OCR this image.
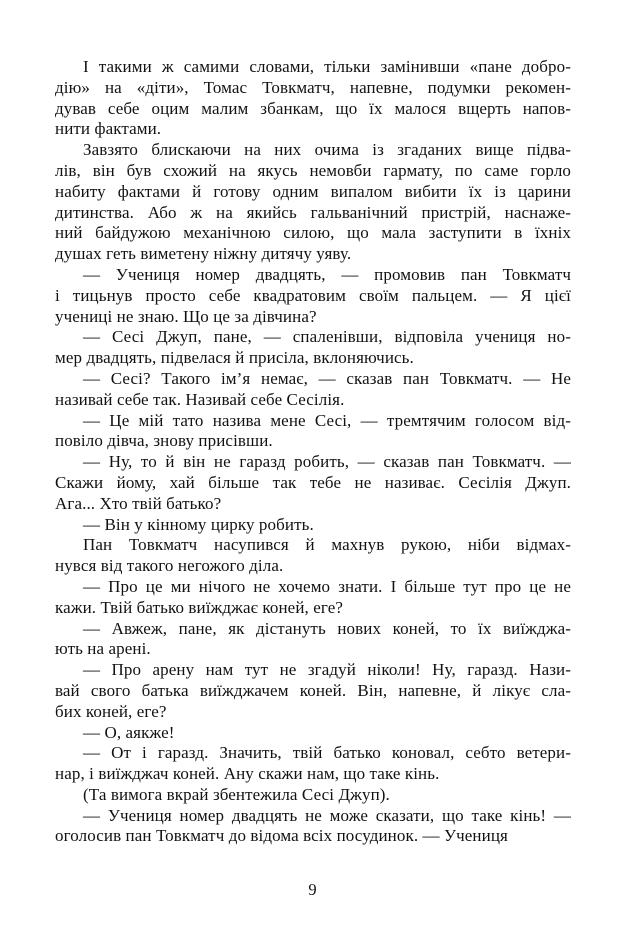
І такими ж самими словами, тільки замінивши «пане добро-
дію» на «діти», Томас Товкматч, напевне, подумки рекомен-
дував себе оцим малим збанкам, що їх малося вщерть напов-
нити фактами.

Завзято блискаючи на них очима із згаданих вище підва-
лів, він був схожий на якусь немовби гармату, по саме горло
набиту фактами й готову одним випалом вибити їх із царини
дитинства. Або ж на якийсь гальванічний пристрій, наснаже-
ний байдужою механічною силою, що мала заступити в їхніх
душах геть виметену ніжну дитячу уяву.

— Учениця номер двадцять, — промовив пан Товкматч
і тицьнув просто себе квадратовим своїм пальцем. — Я цієї
учениці не знаю. Що це за дівчина?

— Сесі Джуп, пане, — спаленівши, відповіла учениця но-
мер двадцять, підвелася й присіла, вклоняючись.

— Сесі? Такого ім’я немає, — сказав пан Товкматч. — Не
називай себе так. Називай себе Сесілія.

— Це мій тато назива мене Сесі, — тремтячим голосом від-
повіло дівча, знову присівши.

— Ну, то й він не гаразд робить, — сказав пан Товкматч. —
Скажи йому, хай більше так тебе не називає. Сесілія Джуп.
Ага... Хто твій батько?

— Він у кінному цирку робить.

Пан Товкматч насупився й махнув рукою, ніби відмах-
нувся від такого негожого діла.

— Про це ми нічого не хочемо знати. І більше тут про це не
кажи. Твій батько виїжджає коней, еге?

— Авжеж, пане, як дістануть нових коней, то їх виїжджа-
ють на арені.

— Про арену нам тут не згадуй ніколи! Ну, гаразд. Нази-
вай свого батька виїжджачем коней. Він, напевне, й лікує сла-
бих коней, еге?

— О, аякже!

— От і гаразд. Значить, твій батько коновал, себто ветери-
нар, і виїжджач коней. Ану скажи нам, що таке кінь.

(Та вимога вкрай збентежила Сесі Джуп).

— Учениця номер двадцять не може сказати, що таке кінь! —
оголосив пан Товкматч до відома всіх посудинок. — Учениця

9
